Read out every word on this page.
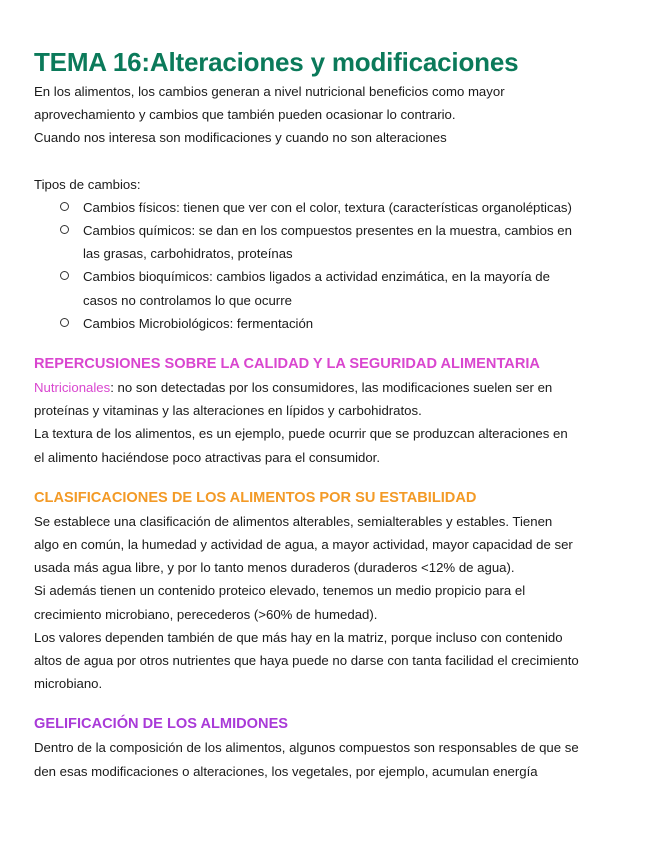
TEMA 16:Alteraciones y modificaciones

En los alimentos, los cambios generan a nivel nutricional beneficios como mayor

aprovechamiento y cambios que también pueden ocasionar lo contrario.

Cuando nos interesa son modificaciones y cuando no son alteraciones

Tipos de cambios:

Cambios físicos: tienen que ver con el color, textura (características organolépticas)
Cambios químicos: se dan en los compuestos presentes en la muestra, cambios en
las grasas, carbohidratos, proteínas
Cambios bioquímicos: cambios ligados a actividad enzimática, en la mayoría de
casos no controlamos lo que ocurre
Cambios Microbiológicos: fermentación
REPERCUSIONES SOBRE LA CALIDAD Y LA SEGURIDAD ALIMENTARIA

Nutricionales: no son detectadas por los consumidores, las modificaciones suelen ser en

proteínas y vitaminas y las alteraciones en lípidos y carbohidratos.

La textura de los alimentos, es un ejemplo, puede ocurrir que se produzcan alteraciones en

el alimento haciéndose poco atractivas para el consumidor.

CLASIFICACIONES DE LOS ALIMENTOS POR SU ESTABILIDAD

Se establece una clasificación de alimentos alterables, semialterables y estables. Tienen

algo en común, la humedad y actividad de agua, a mayor actividad, mayor capacidad de ser

usada más agua libre, y por lo tanto menos duraderos (duraderos <12% de agua).

Si además tienen un contenido proteico elevado, tenemos un medio propicio para el

crecimiento microbiano, perecederos (>60% de humedad).

Los valores dependen también de que más hay en la matriz, porque incluso con contenido

altos de agua por otros nutrientes que haya puede no darse con tanta facilidad el crecimiento

microbiano.

GELIFICACIÓN DE LOS ALMIDONES

Dentro de la composición de los alimentos, algunos compuestos son responsables de que se

den esas modificaciones o alteraciones, los vegetales, por ejemplo, acumulan energía
